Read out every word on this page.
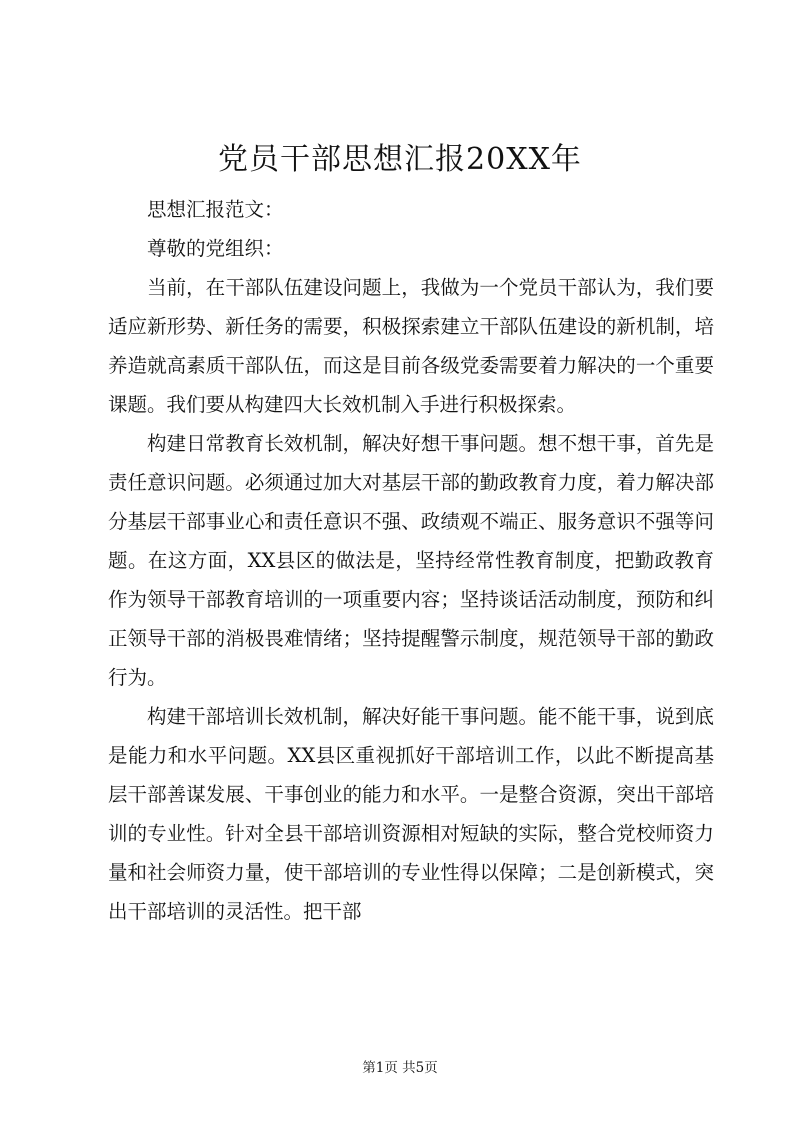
党员干部思想汇报20XX年

思想汇报范文：

尊敬的党组织：

当前，在干部队伍建设问题上，我做为一个党员干部认为，我们要适应新形势、新任务的需要，积极探索建立干部队伍建设的新机制，培养造就高素质干部队伍，而这是目前各级党委需要着力解决的一个重要课题。我们要从构建四大长效机制入手进行积极探索。

构建日常教育长效机制，解决好想干事问题。想不想干事，首先是责任意识问题。必须通过加大对基层干部的勤政教育力度，着力解决部分基层干部事业心和责任意识不强、政绩观不端正、服务意识不强等问题。在这方面，XX县区的做法是，坚持经常性教育制度，把勤政教育作为领导干部教育培训的一项重要内容；坚持谈话活动制度，预防和纠正领导干部的消极畏难情绪；坚持提醒警示制度，规范领导干部的勤政行为。

构建干部培训长效机制，解决好能干事问题。能不能干事，说到底是能力和水平问题。XX县区重视抓好干部培训工作，以此不断提高基层干部善谋发展、干事创业的能力和水平。一是整合资源，突出干部培训的专业性。针对全县干部培训资源相对短缺的实际，整合党校师资力量和社会师资力量，使干部培训的专业性得以保障；二是创新模式，突出干部培训的灵活性。把干部

第1页 共5页
